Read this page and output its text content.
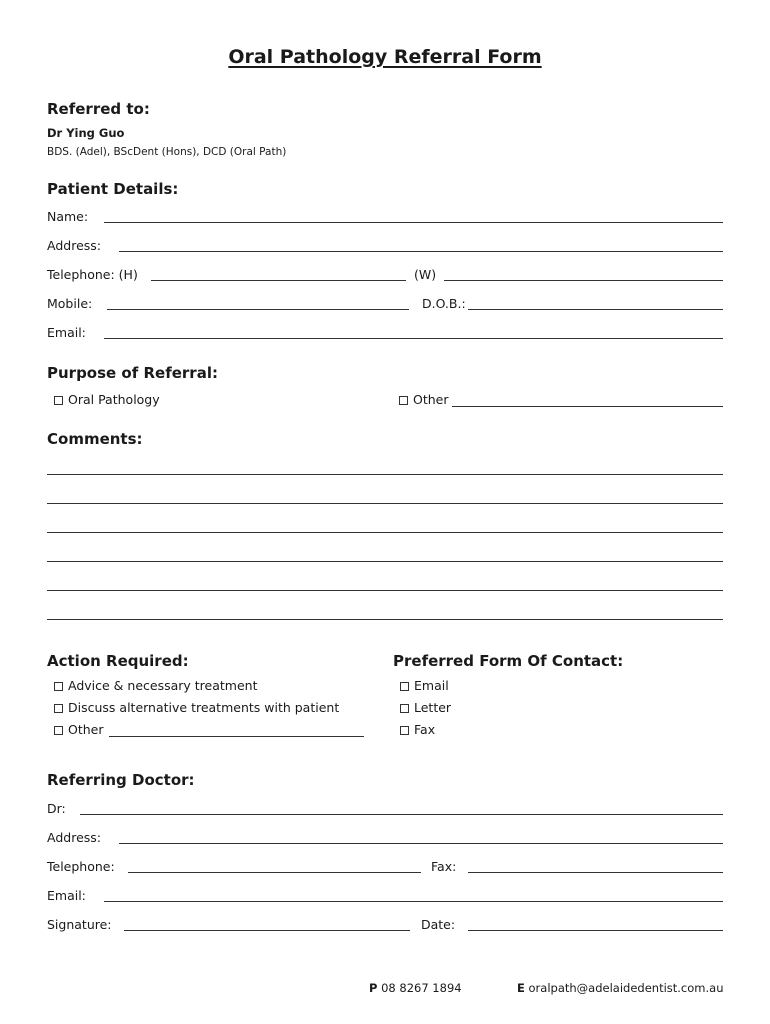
Oral Pathology Referral Form
Referred to:
Dr Ying Guo
BDS. (Adel), BScDent (Hons), DCD (Oral Path)
Patient Details:
Name:
Address:
Telephone: (H)	(W)
Mobile:	D.O.B.:
Email:
Purpose of Referral:
Oral Pathology	Other
Comments:
Action Required:
Advice & necessary treatment
Discuss alternative treatments with patient
Other
Preferred Form Of Contact:
Email
Letter
Fax
Referring Doctor:
Dr:
Address:
Telephone:	Fax:
Email:
Signature:	Date:
P 08 8267 1894	E oralpath@adelaidedentist.com.au
